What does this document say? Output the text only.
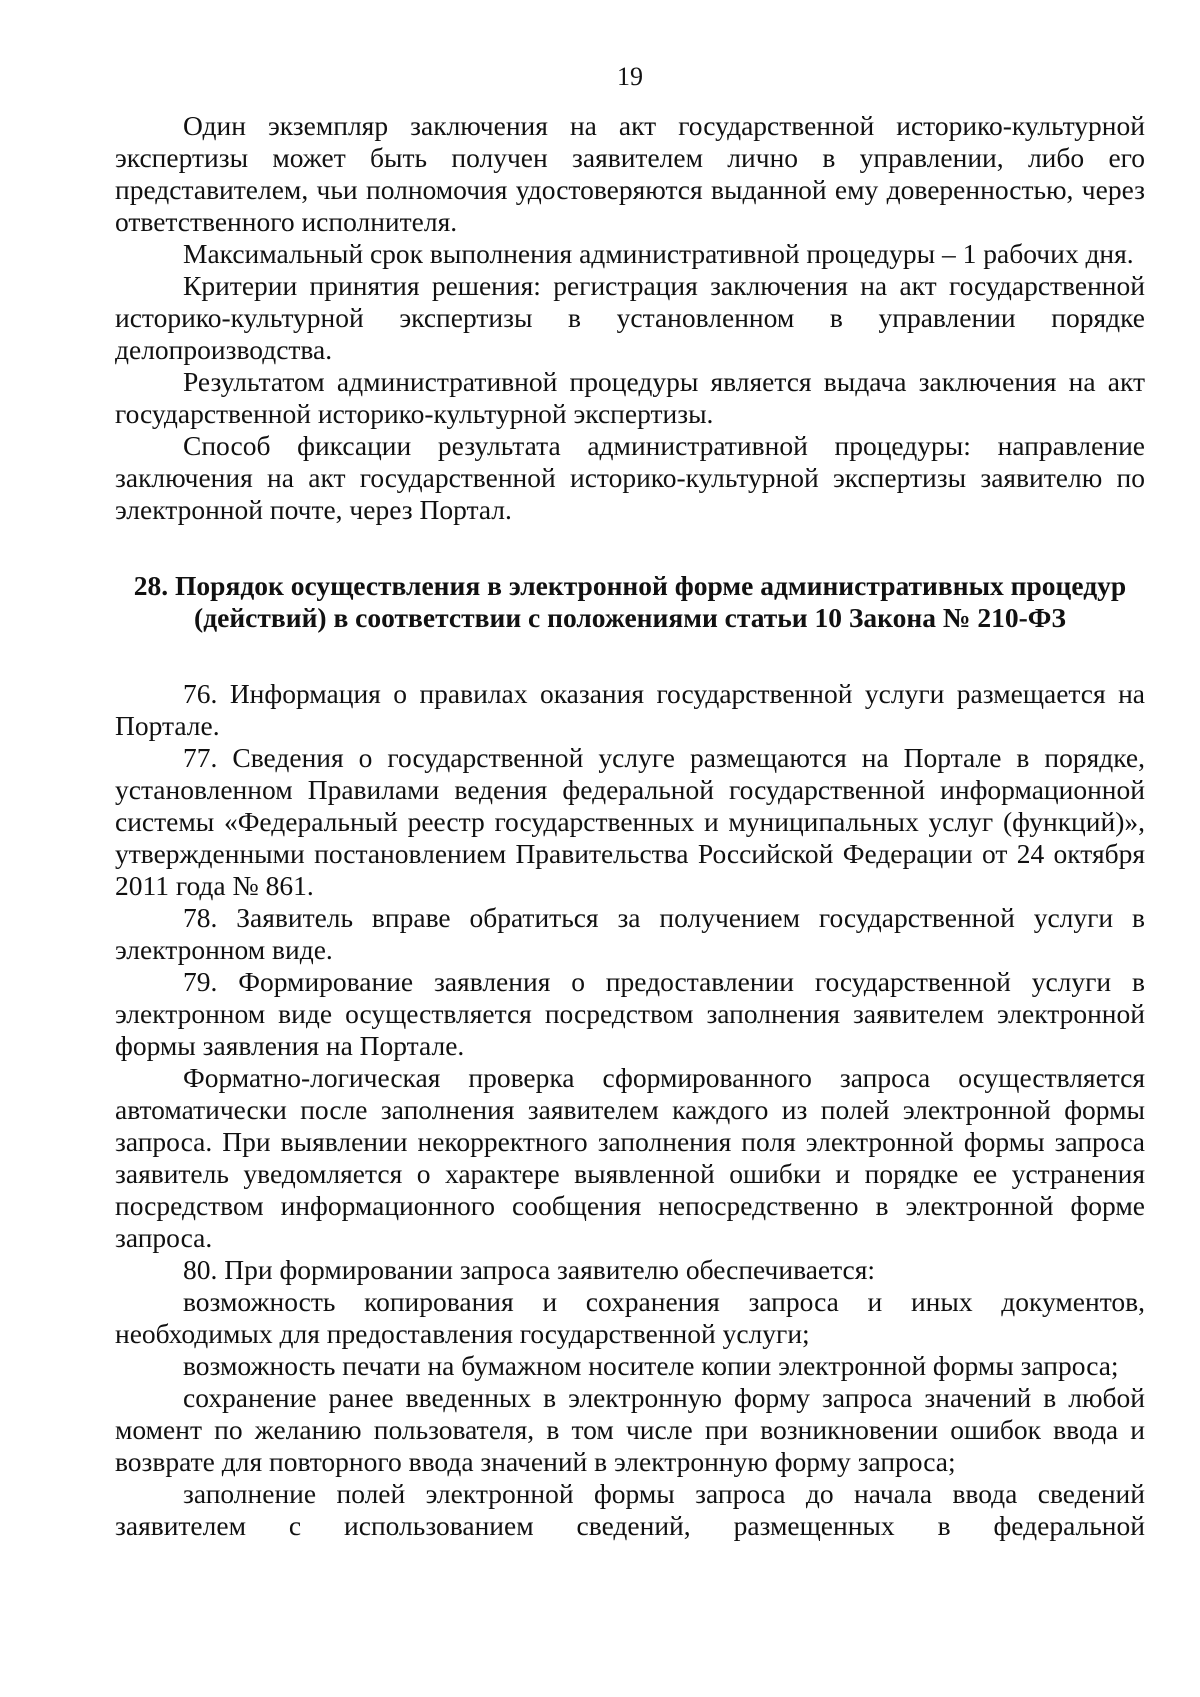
19

Один экземпляр заключения на акт государственной историко-культурной экспертизы может быть получен заявителем лично в управлении, либо его представителем, чьи полномочия удостоверяются выданной ему доверенностью, через ответственного исполнителя.

Максимальный срок выполнения административной процедуры – 1 рабочих дня.

Критерии принятия решения: регистрация заключения на акт государственной историко-культурной экспертизы в установленном в управлении порядке делопроизводства.

Результатом административной процедуры является выдача заключения на акт государственной историко-культурной экспертизы.

Способ фиксации результата административной процедуры: направление заключения на акт государственной историко-культурной экспертизы заявителю по электронной почте, через Портал.

28. Порядок осуществления в электронной форме административных процедур (действий) в соответствии с положениями статьи 10 Закона № 210-ФЗ

76. Информация о правилах оказания государственной услуги размещается на Портале.

77. Сведения о государственной услуге размещаются на Портале в порядке, установленном Правилами ведения федеральной государственной информационной системы «Федеральный реестр государственных и муниципальных услуг (функций)», утвержденными постановлением Правительства Российской Федерации от 24 октября 2011 года № 861.

78. Заявитель вправе обратиться за получением государственной услуги в электронном виде.

79. Формирование заявления о предоставлении государственной услуги в электронном виде осуществляется посредством заполнения заявителем электронной формы заявления на Портале.

Форматно-логическая проверка сформированного запроса осуществляется автоматически после заполнения заявителем каждого из полей электронной формы запроса. При выявлении некорректного заполнения поля электронной формы запроса заявитель уведомляется о характере выявленной ошибки и порядке ее устранения посредством информационного сообщения непосредственно в электронной форме запроса.

80. При формировании запроса заявителю обеспечивается:

возможность копирования и сохранения запроса и иных документов, необходимых для предоставления государственной услуги;

возможность печати на бумажном носителе копии электронной формы запроса;

сохранение ранее введенных в электронную форму запроса значений в любой момент по желанию пользователя, в том числе при возникновении ошибок ввода и возврате для повторного ввода значений в электронную форму запроса;

заполнение полей электронной формы запроса до начала ввода сведений заявителем с использованием сведений, размещенных в федеральной
